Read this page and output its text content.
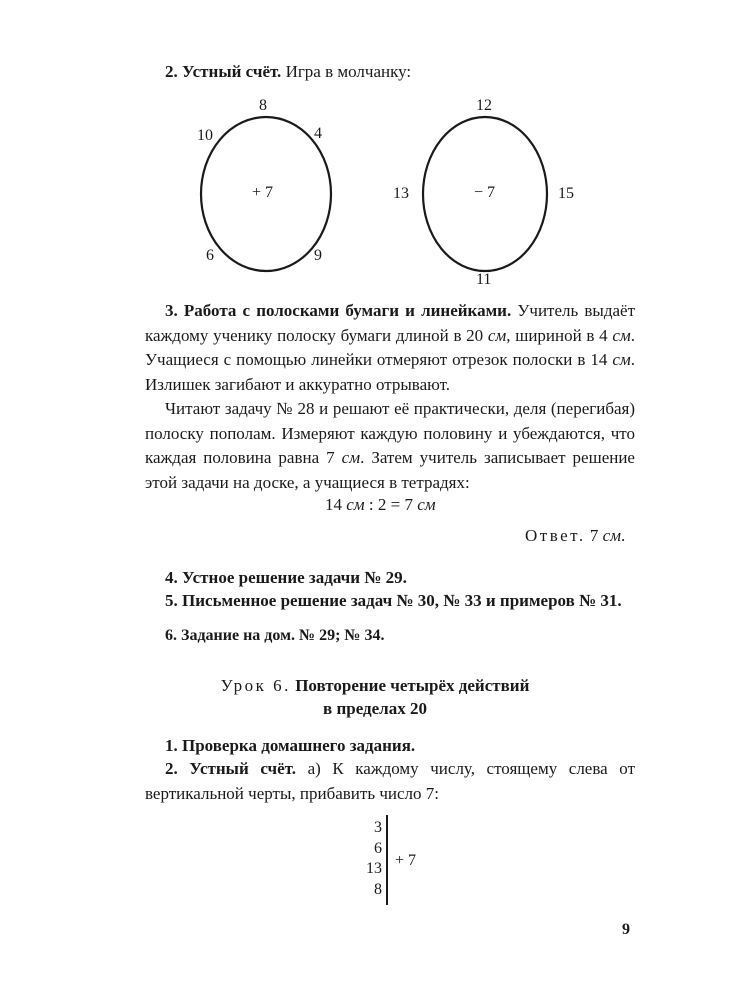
2. Устный счёт. Игра в молчанку:
+ 7
8
4
9
6
10
− 7
12
15
11
13

3. Работа с полосками бумаги и линейками. Учитель выдаёт каждому ученику полоску бумаги длиной в 20 см, шириной в 4 см. Учащиеся с помощью линейки отмеряют отрезок полоски в 14 см. Излишек загибают и аккуратно отрывают.

Читают задачу № 28 и решают её практически, деля (перегибая) полоску пополам. Измеряют каждую половину и убеждаются, что каждая половина равна 7 см. Затем учитель записывает решение этой задачи на доске, а учащиеся в тетрадях:

14 см : 2 = 7 см
Ответ. 7 см.
4. Устное решение задачи № 29.
5. Письменное решение задач № 30, № 33 и примеров № 31.
6. Задание на дом. № 29; № 34.
Урок 6. Повторение четырёх действий
в пределах 20
1. Проверка домашнего задания.

2. Устный счёт. а) К каждому числу, стоящему слева от вертикальной черты, прибавить число 7:

3
6
13
8
+ 7
9
